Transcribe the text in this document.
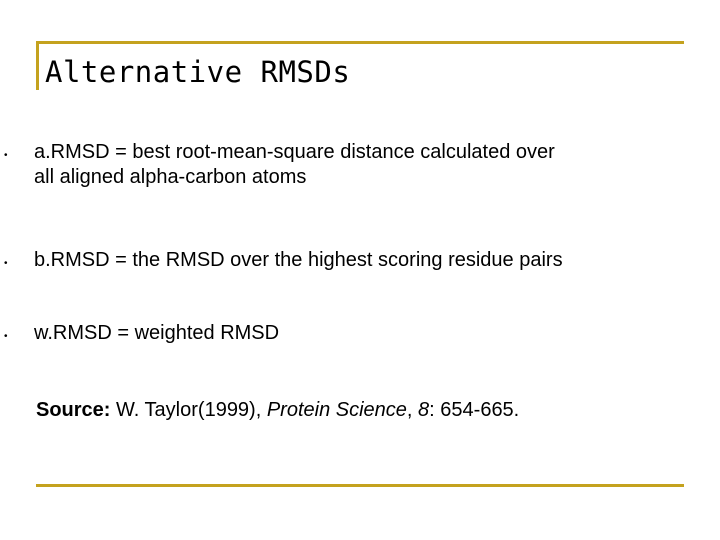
Alternative RMSDs
• a.RMSD = best root-mean-square distance calculated over
all aligned alpha-carbon atoms
• b.RMSD = the RMSD over the highest scoring residue pairs
• w.RMSD = weighted RMSD
Source: W. Taylor(1999), Protein Science, 8: 654-665.
